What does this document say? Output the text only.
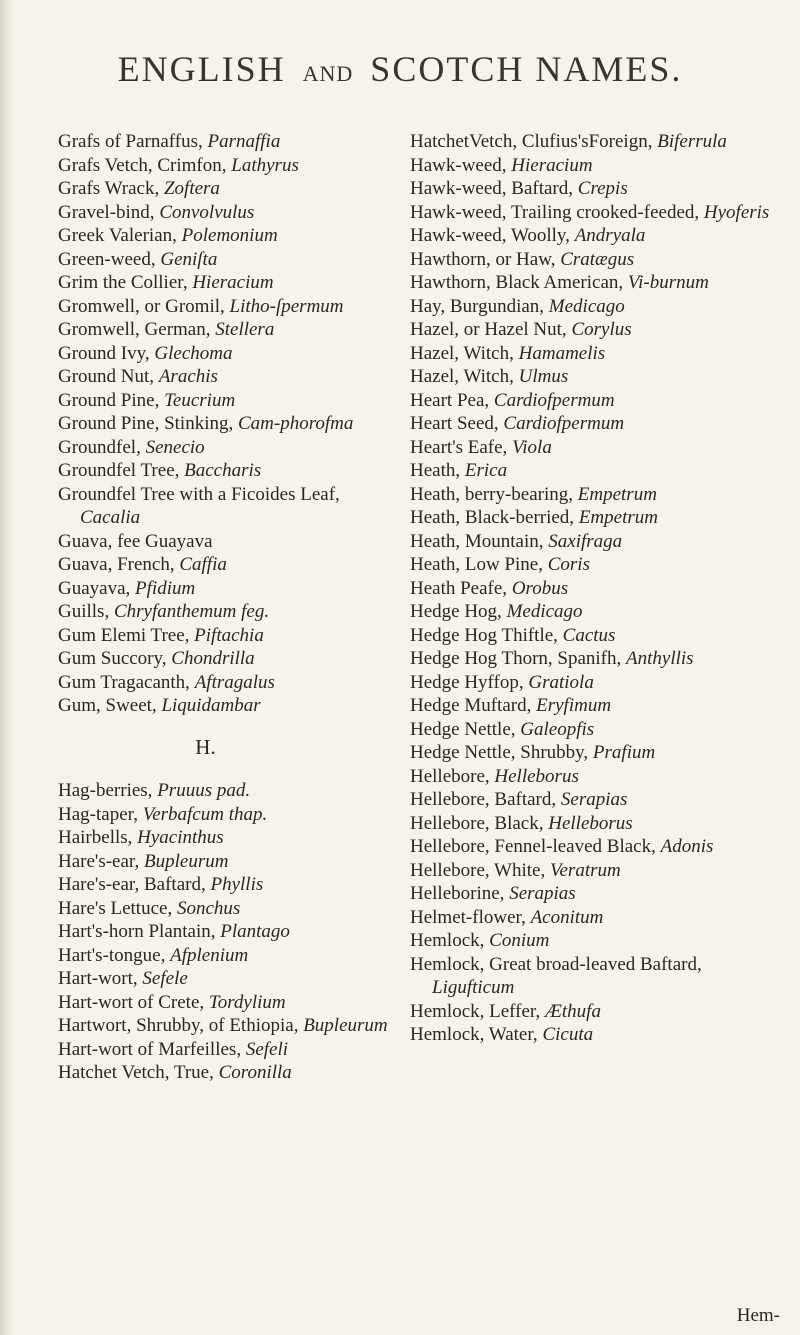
ENGLISH AND SCOTCH NAMES.
Grafs of Parnaffus, Parnaffia
Grafs Vetch, Crimfon, Lathyrus
Grafs Wrack, Zoftera
Gravel-bind, Convolvulus
Greek Valerian, Polemonium
Green-weed, Geniſta
Grim the Collier, Hieracium
Gromwell, or Gromil, Litho-ſpermum
Gromwell, German, Stellera
Ground Ivy, Glechoma
Ground Nut, Arachis
Ground Pine, Teucrium
Ground Pine, Stinking, Cam-phorofma
Groundfel, Senecio
Groundfel Tree, Baccharis
Groundfel Tree with a Ficoides Leaf, Cacalia
Guava, fee Guayava
Guava, French, Caffia
Guayava, Pfidium
Guills, Chryfanthemum feg.
Gum Elemi Tree, Piftachia
Gum Succory, Chondrilla
Gum Tragacanth, Aftragalus
Gum, Sweet, Liquidambar
H.
Hag-berries, Pruuus pad.
Hag-taper, Verbafcum thap.
Hairbells, Hyacinthus
Hare's-ear, Bupleurum
Hare's-ear, Baftard, Phyllis
Hare's Lettuce, Sonchus
Hart's-horn Plantain, Plantago
Hart's-tongue, Afplenium
Hart-wort, Sefele
Hart-wort of Crete, Tordylium
Hartwort, Shrubby, of Ethiopia, Bupleurum
Hart-wort of Marfeilles, Sefeli
Hatchet Vetch, True, Coronilla
HatchetVetch, Clufius'sForeign, Biferrula
Hawk-weed, Hieracium
Hawk-weed, Baftard, Crepis
Hawk-weed, Trailing crooked-feeded, Hyoferis
Hawk-weed, Woolly, Andryala
Hawthorn, or Haw, Cratægus
Hawthorn, Black American, Vi-burnum
Hay, Burgundian, Medicago
Hazel, or Hazel Nut, Corylus
Hazel, Witch, Hamamelis
Hazel, Witch, Ulmus
Heart Pea, Cardiofpermum
Heart Seed, Cardiofpermum
Heart's Eafe, Viola
Heath, Erica
Heath, berry-bearing, Empetrum
Heath, Black-berried, Empetrum
Heath, Mountain, Saxifraga
Heath, Low Pine, Coris
Heath Peafe, Orobus
Hedge Hog, Medicago
Hedge Hog Thiftle, Cactus
Hedge Hog Thorn, Spanifh, Anthyllis
Hedge Hyffop, Gratiola
Hedge Muftard, Eryfimum
Hedge Nettle, Galeopfis
Hedge Nettle, Shrubby, Prafium
Hellebore, Helleborus
Hellebore, Baftard, Serapias
Hellebore, Black, Helleborus
Hellebore, Fennel-leaved Black, Adonis
Hellebore, White, Veratrum
Helleborine, Serapias
Helmet-flower, Aconitum
Hemlock, Conium
Hemlock, Great broad-leaved Baftard, Ligufticum
Hemlock, Leffer, Æthufa
Hemlock, Water, Cicuta
Hem-
